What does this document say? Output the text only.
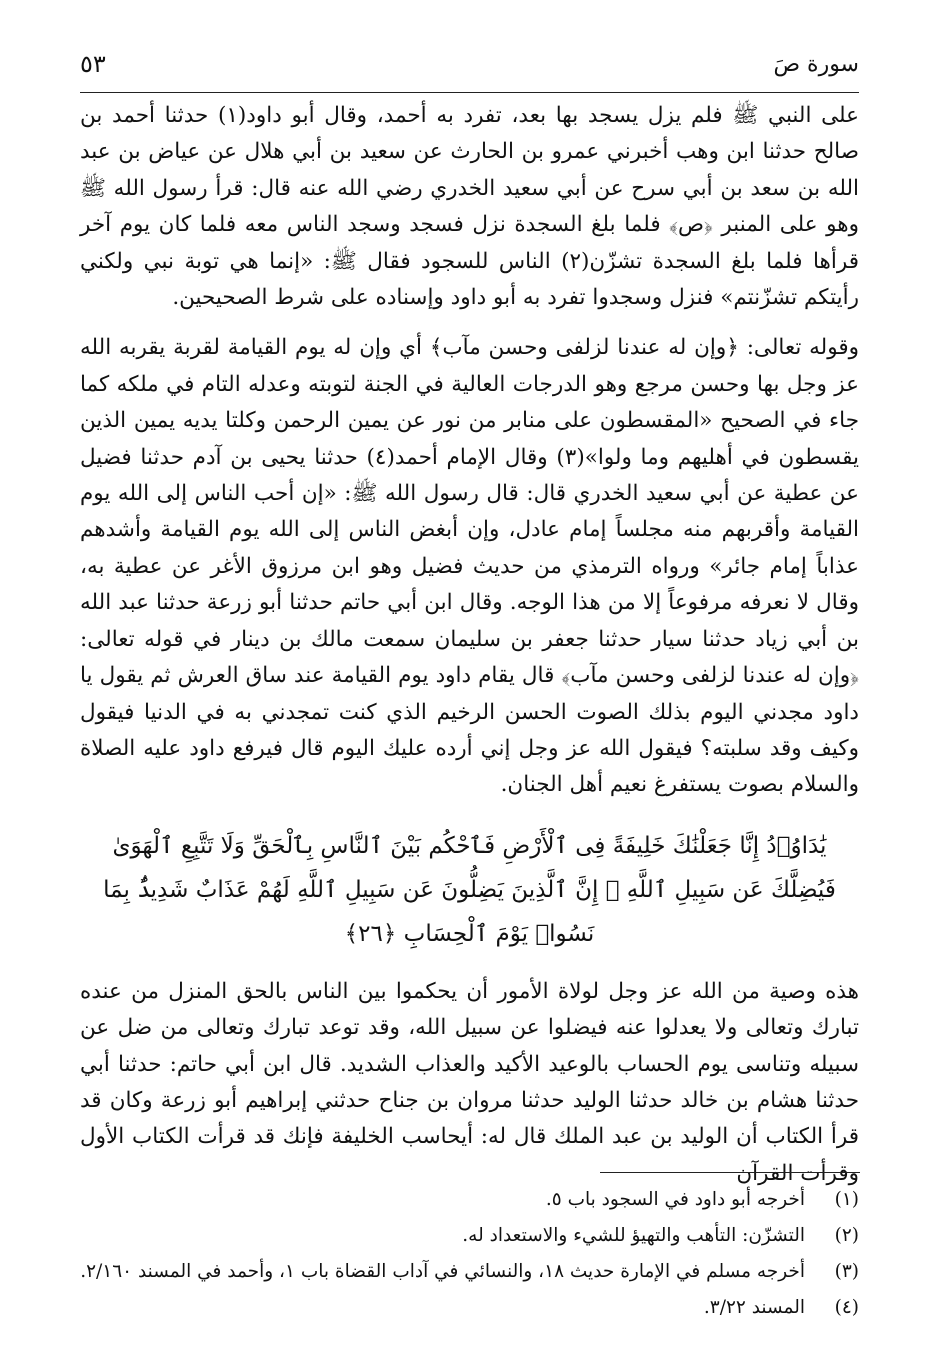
سورة صَ
٥٣

على النبي ﷺ فلم يزل يسجد بها بعد، تفرد به أحمد، وقال أبو داود(١) حدثنا أحمد بن صالح حدثنا ابن وهب أخبرني عمرو بن الحارث عن سعيد بن أبي هلال عن عياض بن عبد الله بن سعد بن أبي سرح عن أبي سعيد الخدري رضي الله عنه قال: قرأ رسول الله ﷺ وهو على المنبر ﴿ص﴾ فلما بلغ السجدة نزل فسجد وسجد الناس معه فلما كان يوم آخر قرأها فلما بلغ السجدة تشزّن(٢) الناس للسجود فقال ﷺ: «إنما هي توبة نبي ولكني رأيتكم تشزّنتم» فنزل وسجدوا تفرد به أبو داود وإسناده على شرط الصحيحين.

وقوله تعالى: ﴿وإن له عندنا لزلفى وحسن مآب﴾ أي وإن له يوم القيامة لقربة يقربه الله عز وجل بها وحسن مرجع وهو الدرجات العالية في الجنة لتوبته وعدله التام في ملكه كما جاء في الصحيح «المقسطون على منابر من نور عن يمين الرحمن وكلتا يديه يمين الذين يقسطون في أهليهم وما ولوا»(٣) وقال الإمام أحمد(٤) حدثنا يحيى بن آدم حدثنا فضيل عن عطية عن أبي سعيد الخدري قال: قال رسول الله ﷺ: «إن أحب الناس إلى الله يوم القيامة وأقربهم منه مجلساً إمام عادل، وإن أبغض الناس إلى الله يوم القيامة وأشدهم عذاباً إمام جائر» ورواه الترمذي من حديث فضيل وهو ابن مرزوق الأغر عن عطية به، وقال لا نعرفه مرفوعاً إلا من هذا الوجه. وقال ابن أبي حاتم حدثنا أبو زرعة حدثنا عبد الله بن أبي زياد حدثنا سيار حدثنا جعفر بن سليمان سمعت مالك بن دينار في قوله تعالى: ﴿وإن له عندنا لزلفى وحسن مآب﴾ قال يقام داود يوم القيامة عند ساق العرش ثم يقول يا داود مجدني اليوم بذلك الصوت الحسن الرخيم الذي كنت تمجدني به في الدنيا فيقول وكيف وقد سلبته؟ فيقول الله عز وجل إني أرده عليك اليوم قال فيرفع داود عليه الصلاة والسلام بصوت يستفرغ نعيم أهل الجنان.

يَٰدَاوُۥدُ إِنَّا جَعَلْنَٰكَ خَلِيفَةً فِى ٱلْأَرْضِ فَٱحْكُم بَيْنَ ٱلنَّاسِ بِٱلْحَقِّ وَلَا تَتَّبِعِ ٱلْهَوَىٰ فَيُضِلَّكَ عَن سَبِيلِ ٱللَّهِ ۚ إِنَّ ٱلَّذِينَ يَضِلُّونَ عَن سَبِيلِ ٱللَّهِ لَهُمْ عَذَابٌ شَدِيدٌۢ بِمَا نَسُوا۟ يَوْمَ ٱلْحِسَابِ ﴿٢٦﴾

هذه وصية من الله عز وجل لولاة الأمور أن يحكموا بين الناس بالحق المنزل من عنده تبارك وتعالى ولا يعدلوا عنه فيضلوا عن سبيل الله، وقد توعد تبارك وتعالى من ضل عن سبيله وتناسى يوم الحساب بالوعيد الأكيد والعذاب الشديد. قال ابن أبي حاتم: حدثنا أبي حدثنا هشام بن خالد حدثنا الوليد حدثنا مروان بن جناح حدثني إبراهيم أبو زرعة وكان قد قرأ الكتاب أن الوليد بن عبد الملك قال له: أيحاسب الخليفة فإنك قد قرأت الكتاب الأول وقرأت القرآن

(١)
أخرجه أبو داود في السجود باب ٥.
(٢)
التشزّن: التأهب والتهيؤ للشيء والاستعداد له.
(٣)
أخرجه مسلم في الإمارة حديث ١٨، والنسائي في آداب القضاة باب ١، وأحمد في المسند ٢/١٦٠.
(٤)
المسند ٣/٢٢.
